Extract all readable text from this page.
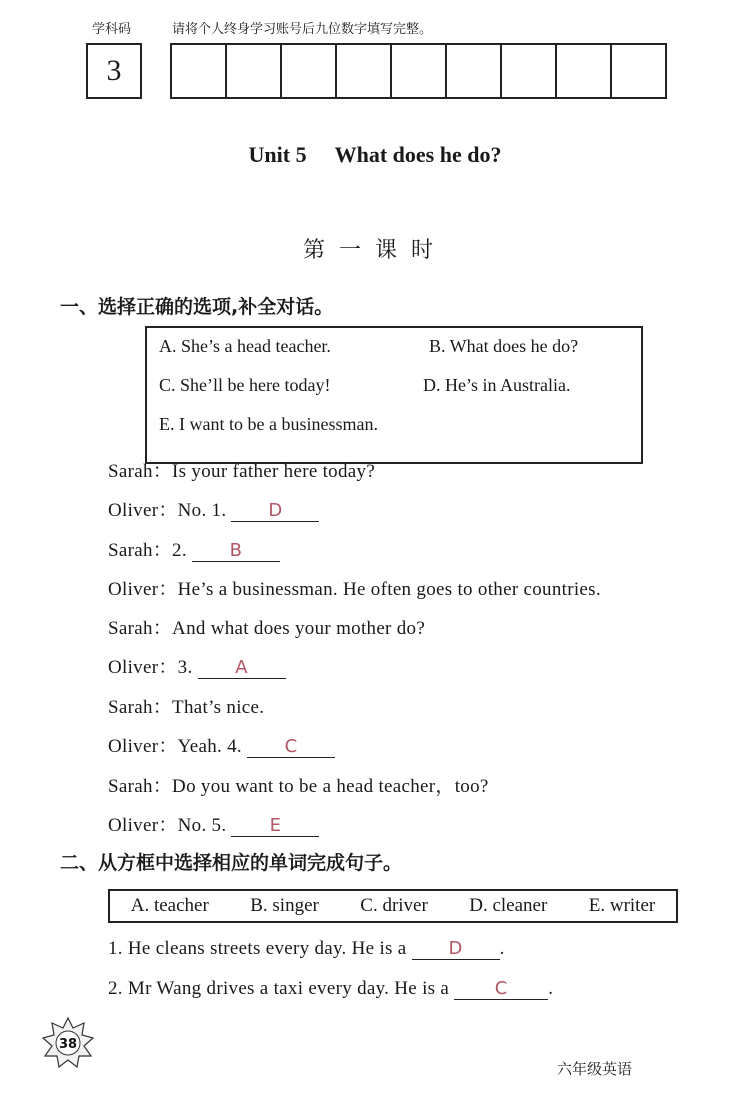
学科码	请将个人终身学习账号后九位数字填写完整。
3
Unit 5 What does he do?
第一课时
一、选择正确的选项,补全对话。
A. She’s a head teacher.	B. What does he do?
C. She’ll be here today!	D. He’s in Australia.
E. I want to be a businessman.
Sarah：Is your father here today?
Oliver：No. 1. D
Sarah：2. B
Oliver：He’s a businessman. He often goes to other countries.
Sarah：And what does your mother do?
Oliver：3. A
Sarah：That’s nice.
Oliver：Yeah. 4. C
Sarah：Do you want to be a head teacher，too?
Oliver：No. 5. E
二、从方框中选择相应的单词完成句子。
A. teacher B. singer C. driver D. cleaner E. writer
1. He cleans streets every day. He is a D .
2. Mr Wang drives a taxi every day. He is a	C .
38
六年级英语
